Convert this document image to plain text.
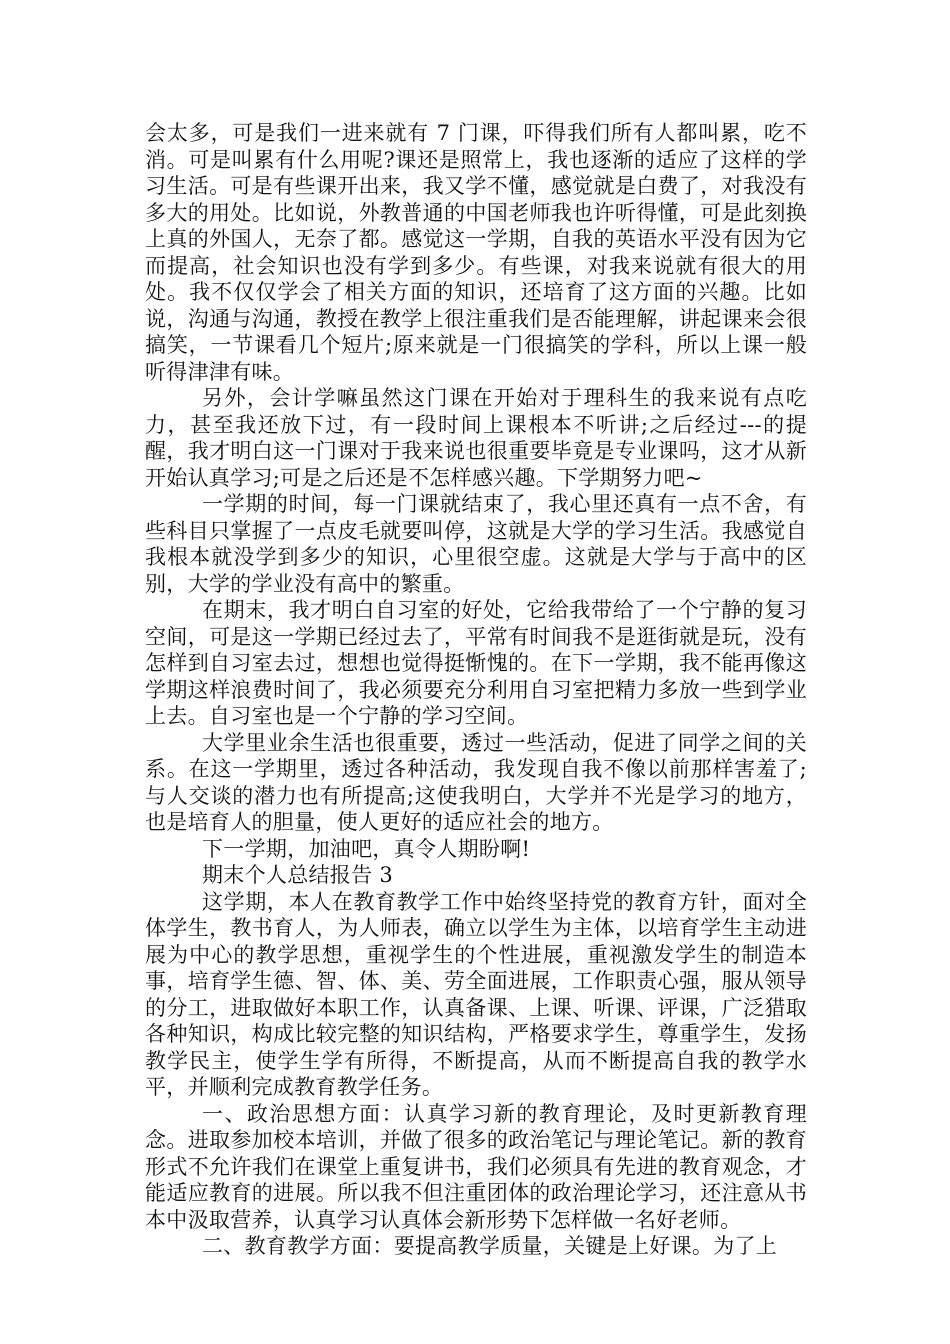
会太多，可是我们一进来就有 7 门课，吓得我们所有人都叫累，吃不消。可是叫累有什么用呢?课还是照常上，我也逐渐的适应了这样的学习生活。可是有些课开出来，我又学不懂，感觉就是白费了，对我没有多大的用处。比如说，外教普通的中国老师我也许听得懂，可是此刻换上真的外国人，无奈了都。感觉这一学期，自我的英语水平没有因为它而提高，社会知识也没有学到多少。有些课，对我来说就有很大的用处。我不仅仅学会了相关方面的知识，还培育了这方面的兴趣。比如说，沟通与沟通，教授在教学上很注重我们是否能理解，讲起课来会很搞笑，一节课看几个短片;原来就是一门很搞笑的学科，所以上课一般听得津津有味。

另外，会计学嘛虽然这门课在开始对于理科生的我来说有点吃力，甚至我还放下过，有一段时间上课根本不听讲;之后经过---的提醒，我才明白这一门课对于我来说也很重要毕竟是专业课吗，这才从新开始认真学习;可是之后还是不怎样感兴趣。下学期努力吧~

一学期的时间，每一门课就结束了，我心里还真有一点不舍，有些科目只掌握了一点皮毛就要叫停，这就是大学的学习生活。我感觉自我根本就没学到多少的知识，心里很空虚。这就是大学与于高中的区别，大学的学业没有高中的繁重。

在期末，我才明白自习室的好处，它给我带给了一个宁静的复习空间，可是这一学期已经过去了，平常有时间我不是逛街就是玩，没有怎样到自习室去过，想想也觉得挺惭愧的。在下一学期，我不能再像这学期这样浪费时间了，我必须要充分利用自习室把精力多放一些到学业上去。自习室也是一个宁静的学习空间。

大学里业余生活也很重要，透过一些活动，促进了同学之间的关系。在这一学期里，透过各种活动，我发现自我不像以前那样害羞了;与人交谈的潜力也有所提高;这使我明白，大学并不光是学习的地方，也是培育人的胆量，使人更好的适应社会的地方。

下一学期，加油吧，真令人期盼啊!

期末个人总结报告 3

这学期，本人在教育教学工作中始终坚持党的教育方针，面对全体学生，教书育人，为人师表，确立以学生为主体，以培育学生主动进展为中心的教学思想，重视学生的个性进展，重视激发学生的制造本事，培育学生德、智、体、美、劳全面进展，工作职责心强，服从领导的分工，进取做好本职工作，认真备课、上课、听课、评课，广泛猎取各种知识，构成比较完整的知识结构，严格要求学生，尊重学生，发扬教学民主，使学生学有所得，不断提高，从而不断提高自我的教学水平，并顺利完成教育教学任务。

一、政治思想方面：认真学习新的教育理论，及时更新教育理念。进取参加校本培训，并做了很多的政治笔记与理论笔记。新的教育形式不允许我们在课堂上重复讲书，我们必须具有先进的教育观念，才能适应教育的进展。所以我不但注重团体的政治理论学习，还注意从书本中汲取营养，认真学习认真体会新形势下怎样做一名好老师。

二、教育教学方面：要提高教学质量，关键是上好课。为了上
